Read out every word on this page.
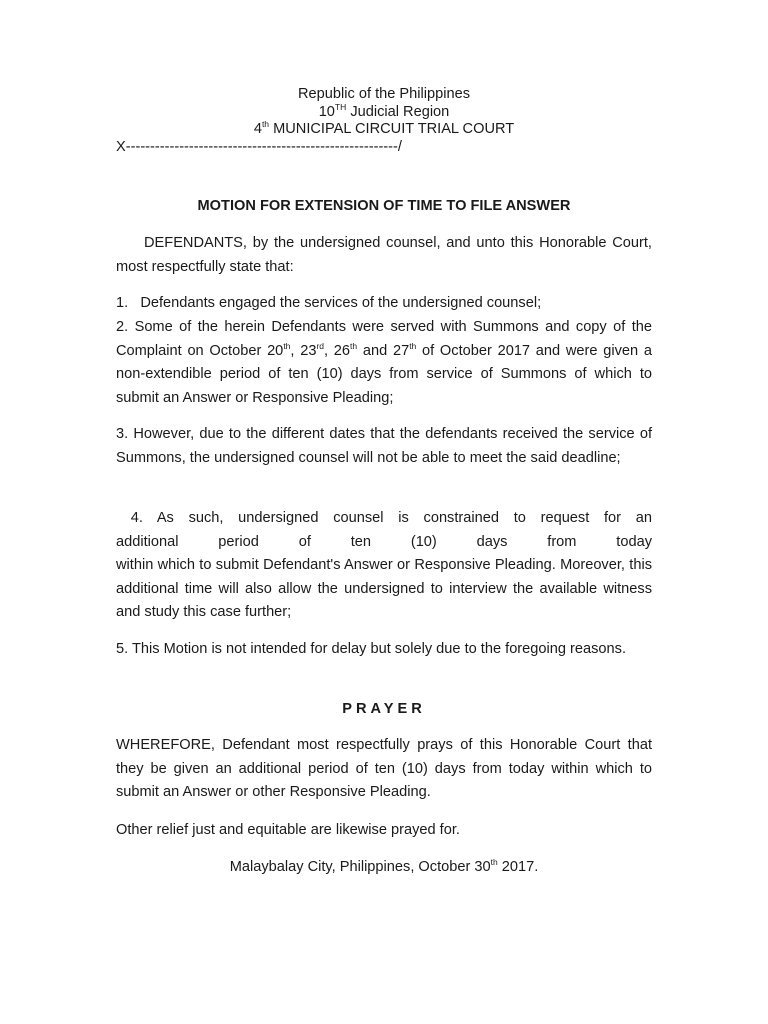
Republic of the Philippines

10TH Judicial Region

4th MUNICIPAL CIRCUIT TRIAL COURT

X--------------------------------------------------------/

MOTION FOR EXTENSION OF TIME TO FILE ANSWER

DEFENDANTS, by the undersigned counsel, and unto this Honorable Court, most respectfully state that:

1.   Defendants engaged the services of the undersigned counsel;

2. Some of the herein Defendants were served with Summons and copy of the Complaint on October 20th, 23rd, 26th and 27th of October 2017 and were given a non-extendible period of ten (10) days from service of Summons of which to submit an Answer or Responsive Pleading;

3. However, due to the different dates that the defendants received the service of Summons, the undersigned counsel will not be able to meet the said deadline;

4. As such, undersigned counsel is constrained to request for an

additional period of ten (10) days from today

within which to submit Defendant's Answer or Responsive Pleading. Moreover, this additional time will also allow the undersigned to interview the available witness and study this case further;

5. This Motion is not intended for delay but solely due to the foregoing reasons.

PRAYER

WHEREFORE, Defendant most respectfully prays of this Honorable Court that they be given an additional period of ten (10) days from today within which to submit an Answer or other Responsive Pleading.

Other relief just and equitable are likewise prayed for.

Malaybalay City, Philippines, October 30th 2017.
